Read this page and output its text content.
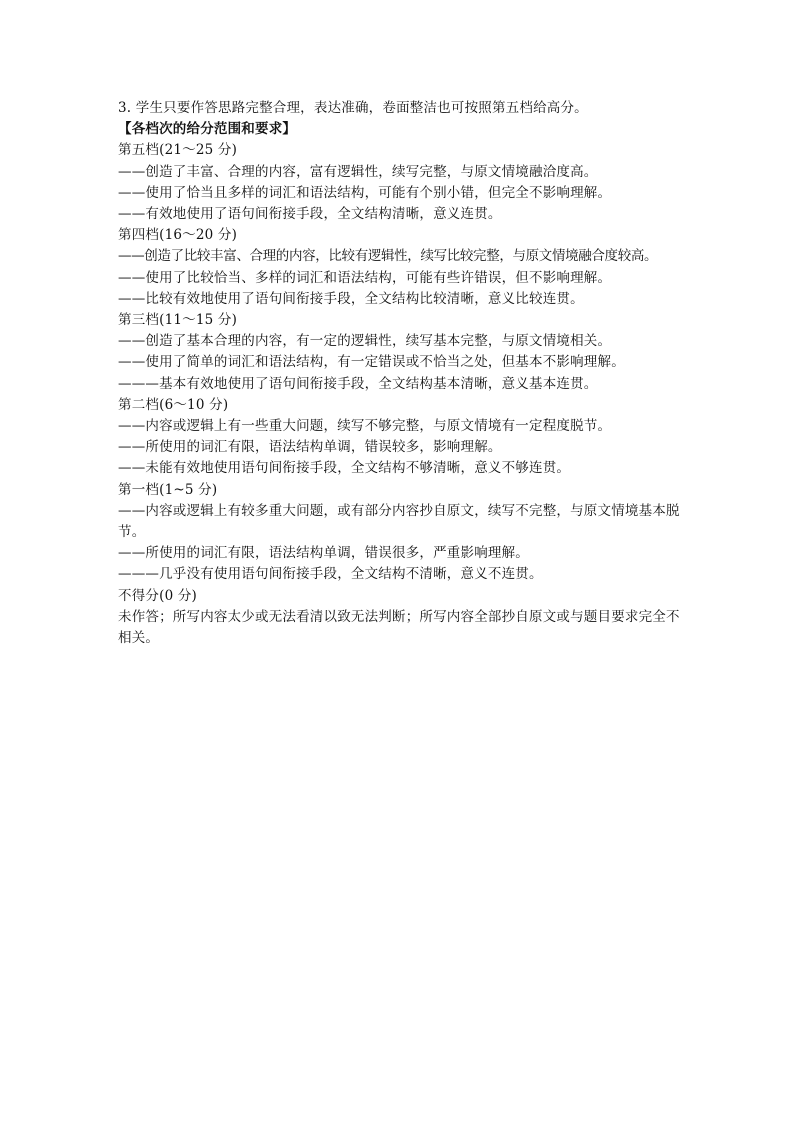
3. 学生只要作答思路完整合理，表达准确，卷面整洁也可按照第五档给高分。
【各档次的给分范围和要求】
第五档(21～25 分)
——创造了丰富、合理的内容，富有逻辑性，续写完整，与原文情境融洽度高。
——使用了恰当且多样的词汇和语法结构，可能有个别小错，但完全不影响理解。
——有效地使用了语句间衔接手段，全文结构清晰，意义连贯。
第四档(16～20 分)
——创造了比较丰富、合理的内容，比较有逻辑性，续写比较完整，与原文情境融合度较高。
——使用了比较恰当、多样的词汇和语法结构，可能有些许错误，但不影响理解。
——比较有效地使用了语句间衔接手段，全文结构比较清晰，意义比较连贯。
第三档(11～15 分)
——创造了基本合理的内容，有一定的逻辑性，续写基本完整，与原文情境相关。
——使用了简单的词汇和语法结构，有一定错误或不恰当之处，但基本不影响理解。
———基本有效地使用了语句间衔接手段，全文结构基本清晰，意义基本连贯。
第二档(6～10 分)
——内容或逻辑上有一些重大问题，续写不够完整，与原文情境有一定程度脱节。
——所使用的词汇有限，语法结构单调，错误较多，影响理解。
——未能有效地使用语句间衔接手段，全文结构不够清晰，意义不够连贯。
第一档(1~5 分)
——内容或逻辑上有较多重大问题，或有部分内容抄自原文，续写不完整，与原文情境基本脱节。
——所使用的词汇有限，语法结构单调，错误很多，严重影响理解。
———几乎没有使用语句间衔接手段，全文结构不清晰，意义不连贯。
不得分(0 分)
未作答；所写内容太少或无法看清以致无法判断；所写内容全部抄自原文或与题目要求完全不相关。
